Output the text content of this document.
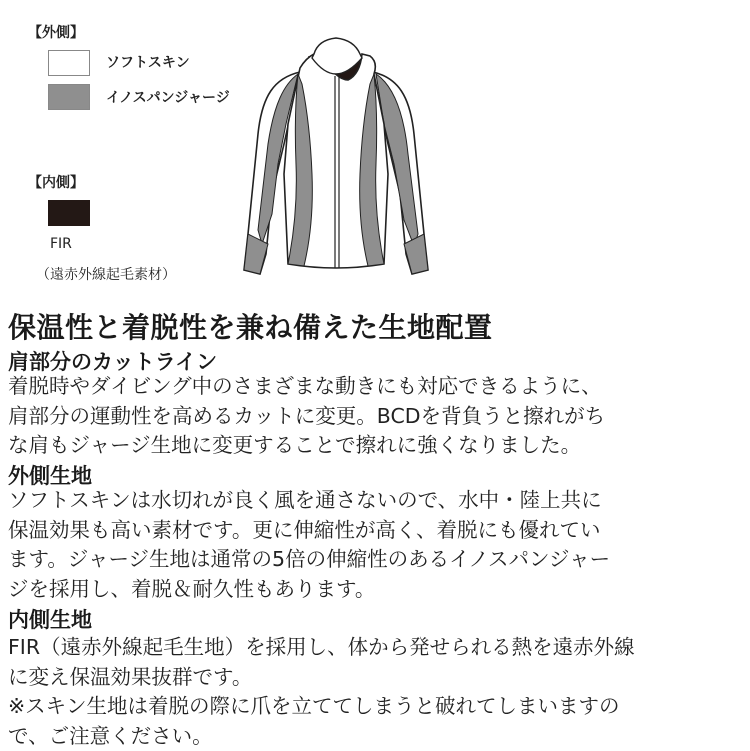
【外側】
ソフトスキン
イノスパンジャージ
【内側】
FIR
（遠赤外線起毛素材）
保温性と着脱性を兼ね備えた生地配置
肩部分のカットライン
着脱時やダイビング中のさまざまな動きにも対応できるように、
肩部分の運動性を高めるカットに変更。BCDを背負うと擦れがち
な肩もジャージ生地に変更することで擦れに強くなりました。
外側生地
ソフトスキンは水切れが良く風を通さないので、水中・陸上共に
保温効果も高い素材です。更に伸縮性が高く、着脱にも優れてい
ます。ジャージ生地は通常の5倍の伸縮性のあるイノスパンジャー
ジを採用し、着脱＆耐久性もあります。
内側生地
FIR（遠赤外線起毛生地）を採用し、体から発せられる熱を遠赤外線
に変え保温効果抜群です。
※スキン生地は着脱の際に爪を立ててしまうと破れてしまいますの
で、ご注意ください。
